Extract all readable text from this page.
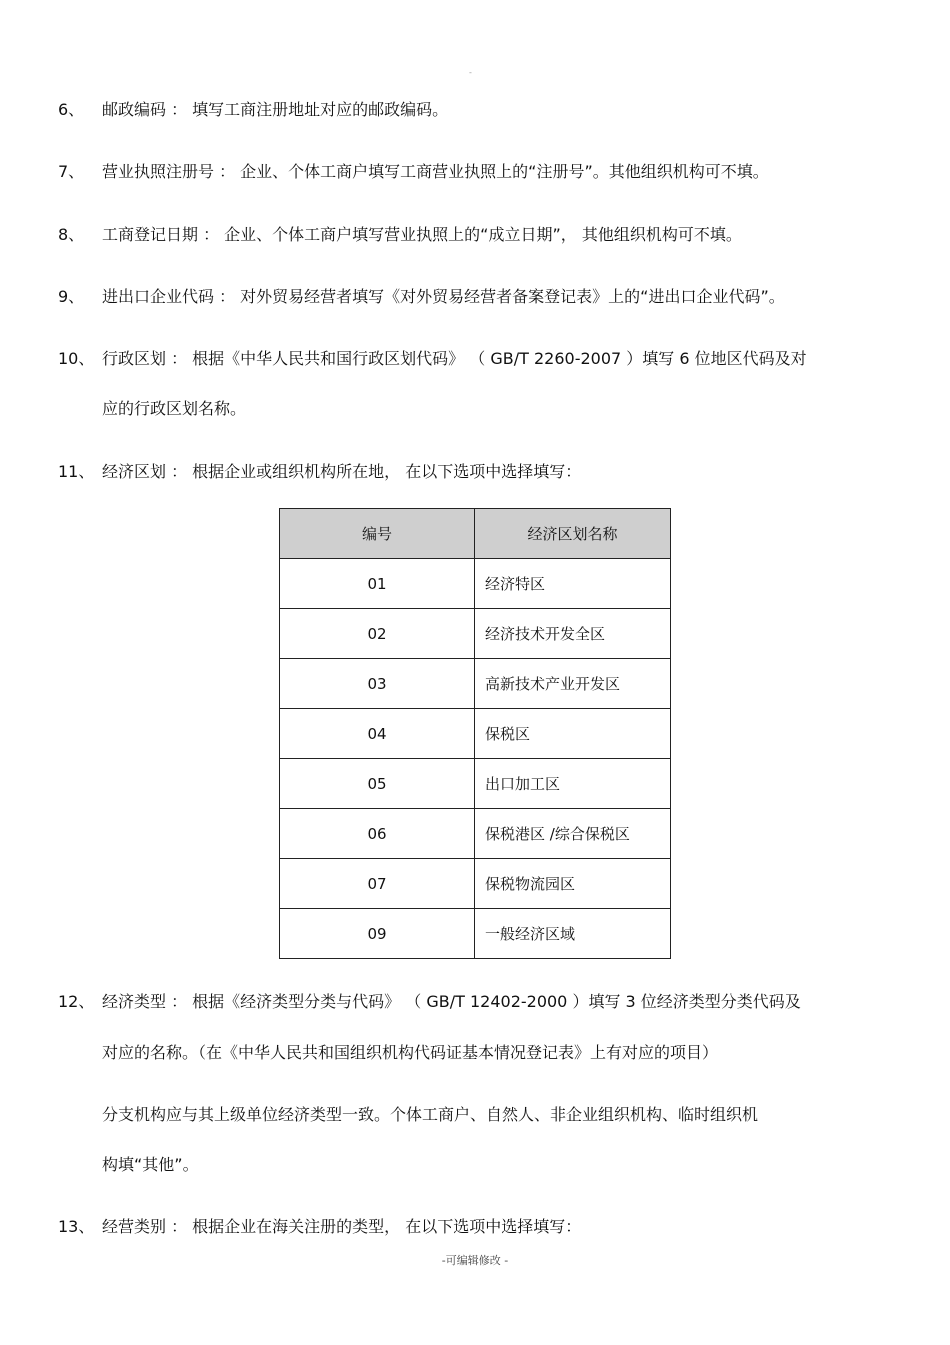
-
6、 邮政编码 ： 填写工商注册地址对应的邮政编码。
7、 营业执照注册号 ： 企业、个体工商户填写工商营业执照上的“注册号”。其他组织机构可不填。
8、 工商登记日期 ： 企业、个体工商户填写营业执照上的“成立日期”， 其他组织机构可不填。
9、 进出口企业代码 ： 对外贸易经营者填写《对外贸易经营者备案登记表》上的“进出口企业代码”。
10、 行政区划 ： 根据《中华人民共和国行政区划代码》 （ GB/T 2260-2007 ）填写 6 位地区代码及对
应的行政区划名称。
11、 经济区划 ： 根据企业或组织机构所在地， 在以下选项中选择填写：
编号	经济区划名称
01	经济特区
02	经济技术开发全区
03	高新技术产业开发区
04	保税区
05	出口加工区
06	保税港区 /综合保税区
07	保税物流园区
09	一般经济区域
12、 经济类型 ： 根据《经济类型分类与代码》 （ GB/T 12402-2000 ）填写 3 位经济类型分类代码及
对应的名称。（在《中华人民共和国组织机构代码证基本情况登记表》上有对应的项目）
分支机构应与其上级单位经济类型一致。个体工商户、自然人、非企业组织机构、临时组织机
构填“其他”。
13、 经营类别 ： 根据企业在海关注册的类型， 在以下选项中选择填写：
-可编辑修改 -
